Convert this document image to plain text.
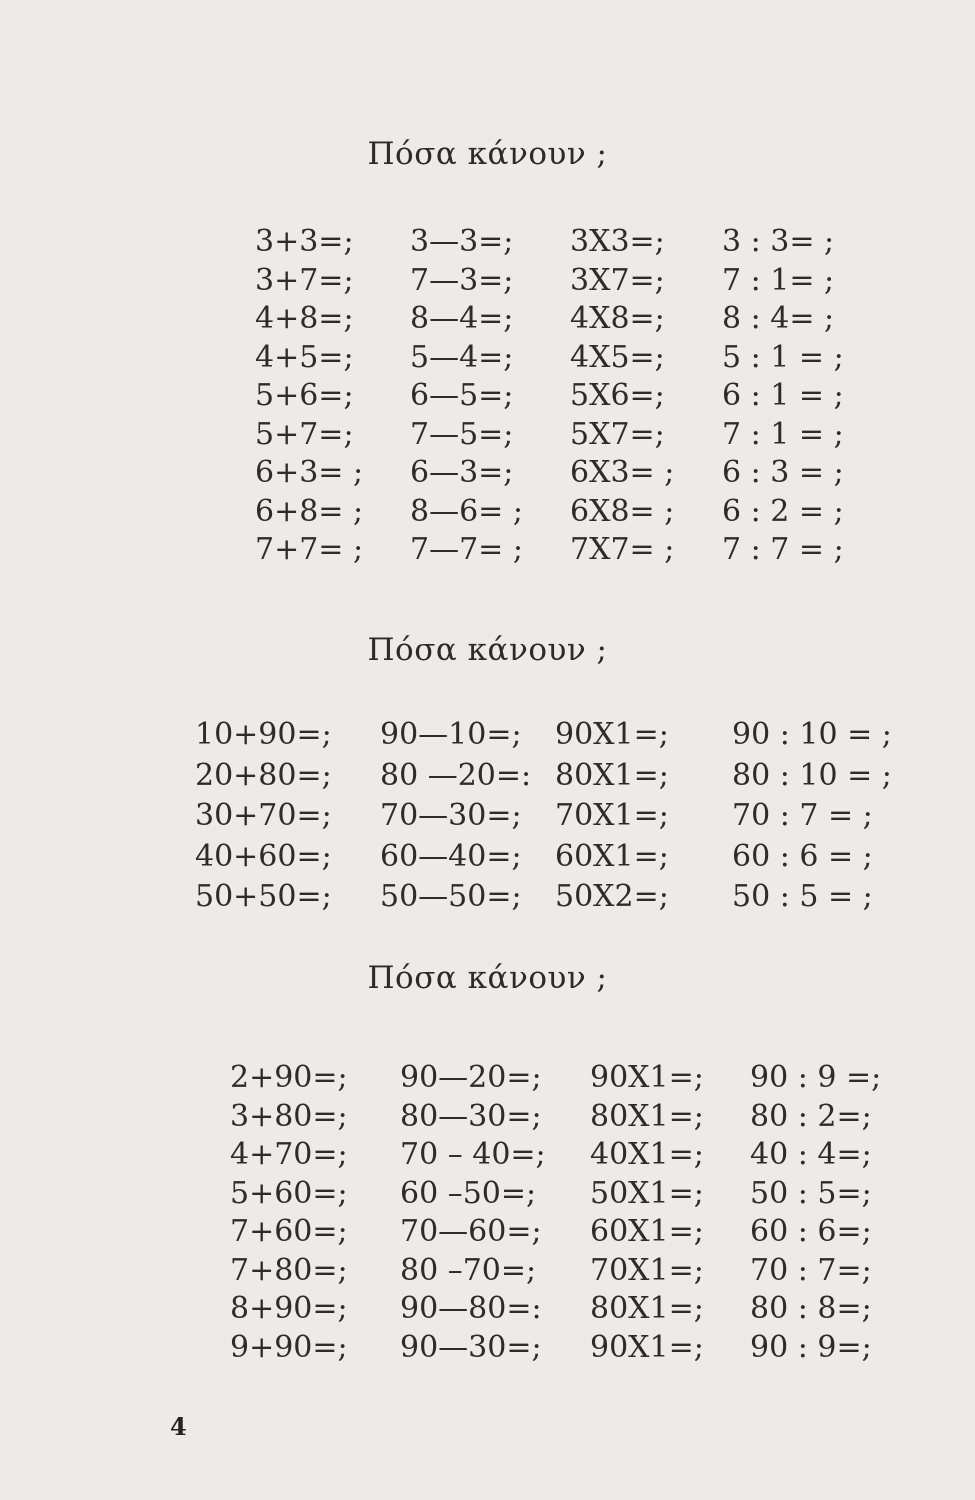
Πόσα κάνουν ;
3+3=; 3—3=; 3X3=; 3 : 3= ;
3+7=; 7—3=; 3X7=; 7 : 1= ;
4+8=; 8—4=; 4X8=; 8 : 4= ;
4+5=; 5—4=; 4X5=; 5 : 1 = ;
5+6=; 6—5=; 5X6=; 6 : 1 = ;
5+7=; 7—5=; 5X7=; 7 : 1 = ;
6+3= ; 6—3=; 6X3= ; 6 : 3 = ;
6+8= ; 8—6= ; 6X8= ; 6 : 2 = ;
7+7= ; 7—7= ; 7X7= ; 7 : 7 = ;
Πόσα κάνουν ;
10+90=; 90—10=; 90X1=; 90 : 10 = ;
20+80=; 80 —20=: 80X1=; 80 : 10 = ;
30+70=; 70—30=; 70X1=; 70 : 7 = ;
40+60=; 60—40=; 60X1=; 60 : 6 = ;
50+50=; 50—50=; 50X2=; 50 : 5 = ;
Πόσα κάνουν ;
2+90=; 90—20=; 90X1=; 90 : 9 =;
3+80=; 80—30=; 80X1=; 80 : 2=;
4+70=; 70 – 40=; 40X1=; 40 : 4=;
5+60=; 60 –50=; 50X1=; 50 : 5=;
7+60=; 70—60=; 60X1=; 60 : 6=;
7+80=; 80 –70=; 70X1=; 70 : 7=;
8+90=; 90—80=: 80X1=; 80 : 8=;
9+90=; 90—30=; 90X1=; 90 : 9=;
4
